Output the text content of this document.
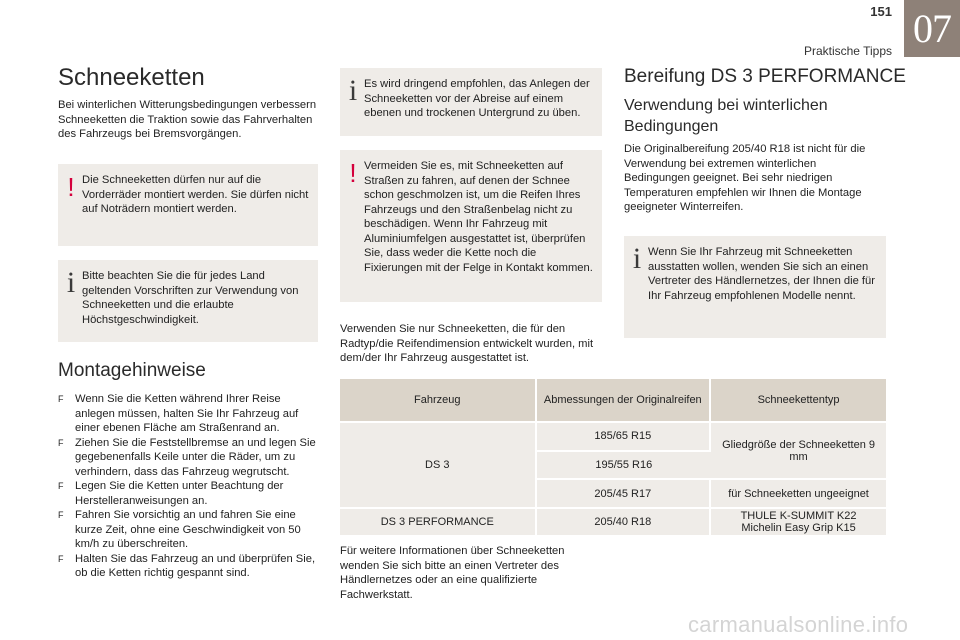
151
Praktische Tipps 07
Schneeketten

Bei winterlichen Witterungsbedingungen verbessern Schneeketten die Traktion sowie das Fahrverhalten des Fahrzeugs bei Bremsvorgängen.

! Die Schneeketten dürfen nur auf die Vorderräder montiert werden. Sie dürfen nicht auf Noträdern montiert werden.
i Bitte beachten Sie die für jedes Land geltenden Vorschriften zur Verwendung von Schneeketten und die erlaubte Höchstgeschwindigkeit.
Montagehinweise
F Wenn Sie die Ketten während Ihrer Reise anlegen müssen, halten Sie Ihr Fahrzeug auf einer ebenen Fläche am Straßenrand an.
F Ziehen Sie die Feststellbremse an und legen Sie gegebenenfalls Keile unter die Räder, um zu verhindern, dass das Fahrzeug wegrutscht.
F Legen Sie die Ketten unter Beachtung der Herstelleranweisungen an.
F Fahren Sie vorsichtig an und fahren Sie eine kurze Zeit, ohne eine Geschwindigkeit von 50 km/h zu überschreiten.
F Halten Sie das Fahrzeug an und überprüfen Sie, ob die Ketten richtig gespannt sind.
i Es wird dringend empfohlen, das Anlegen der Schneeketten vor der Abreise auf einem ebenen und trockenen Untergrund zu üben.
! Vermeiden Sie es, mit Schneeketten auf Straßen zu fahren, auf denen der Schnee schon geschmolzen ist, um die Reifen Ihres Fahrzeugs und den Straßenbelag nicht zu beschädigen. Wenn Ihr Fahrzeug mit Aluminiumfelgen ausgestattet ist, überprüfen Sie, dass weder die Kette noch die Fixierungen mit der Felge in Kontakt kommen.

Verwenden Sie nur Schneeketten, die für den Radtyp/die Reifendimension entwickelt wurden, mit dem/der Ihr Fahrzeug ausgestattet ist.

Bereifung DS 3 PERFORMANCE
Verwendung bei winterlichen Bedingungen

Die Originalbereifung 205/40 R18 ist nicht für die Verwendung bei extremen winterlichen Bedingungen geeignet. Bei sehr niedrigen Temperaturen empfehlen wir Ihnen die Montage geeigneter Winterreifen.

i Wenn Sie Ihr Fahrzeug mit Schneeketten ausstatten wollen, wenden Sie sich an einen Vertreter des Händlernetzes, der Ihnen die für Ihr Fahrzeug empfohlenen Modelle nennt.
Fahrzeug	Abmessungen der Originalreifen	Schneekettentyp
DS 3	185/65 R15	Gliedgröße der Schneeketten 9 mm
	195/55 R16	
	205/45 R17	für Schneeketten ungeeignet
DS 3 PERFORMANCE	205/40 R18	THULE K-SUMMIT K22
Michelin Easy Grip K15

Für weitere Informationen über Schneeketten wenden Sie sich bitte an einen Vertreter des Händlernetzes oder an eine qualifizierte Fachwerkstatt.

carmanualsonline.info
